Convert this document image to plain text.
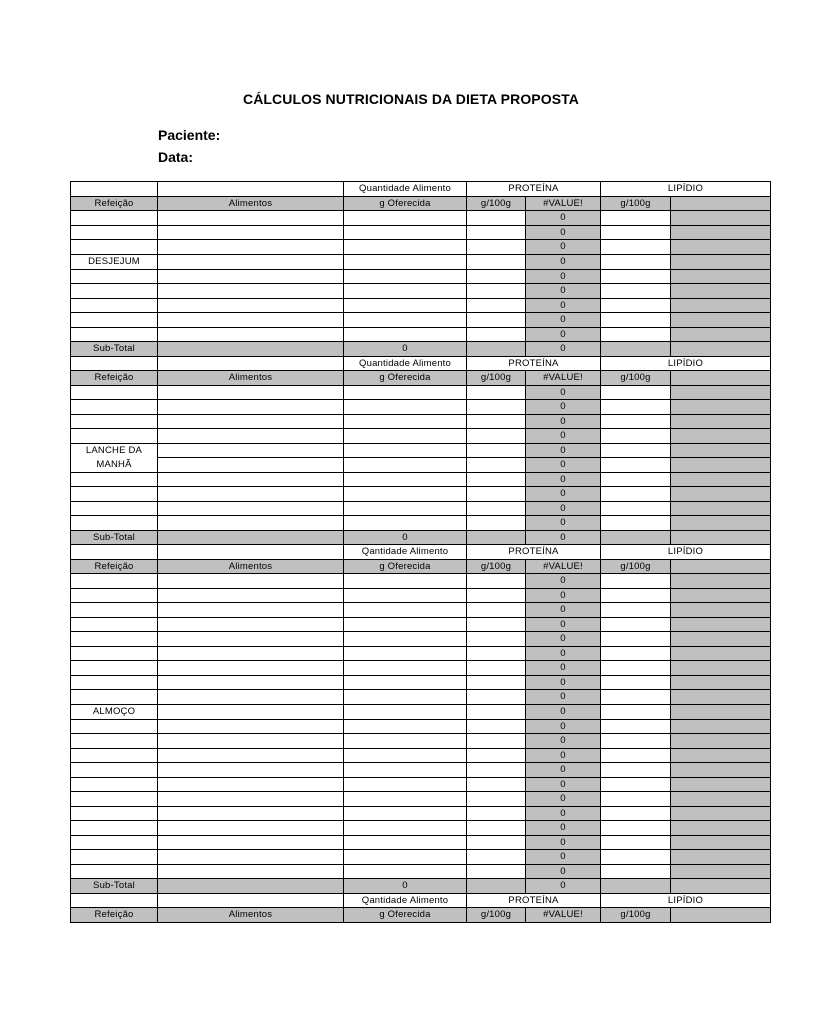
CÁLCULOS NUTRICIONAIS DA DIETA PROPOSTA
Paciente:
Data:
		Quantidade Alimento	PROTEÍNA		LIPÍDIO	
Refeição	Alimentos	g Oferecida	g/100g	#VALUE!	g/100g	
				0		
				0		
				0		
DESJEJUM				0		
				0		
				0		
				0		
				0		
				0		
Sub-Total		0		0		
		Quantidade Alimento	PROTEÍNA		LIPÍDIO	
Refeição	Alimentos	g Oferecida	g/100g	#VALUE!	g/100g	
				0		
				0		
				0		
				0		
LANCHE DA MANHÃ				0		
				0		
				0		
				0		
				0		
				0		
Sub-Total		0		0		
		Qantidade Alimento	PROTEÍNA		LIPÍDIO	
Refeição	Alimentos	g Oferecida	g/100g	#VALUE!	g/100g	
				0		
				0		
				0		
				0		
				0		
				0		
				0		
				0		
				0		
ALMOÇO				0		
				0		
				0		
				0		
				0		
				0		
				0		
				0		
				0		
				0		
				0		
				0		
Sub-Total		0		0		
		Qantidade Alimento	PROTEÍNA		LIPÍDIO	
Refeição	Alimentos	g Oferecida	g/100g	#VALUE!	g/100g	
